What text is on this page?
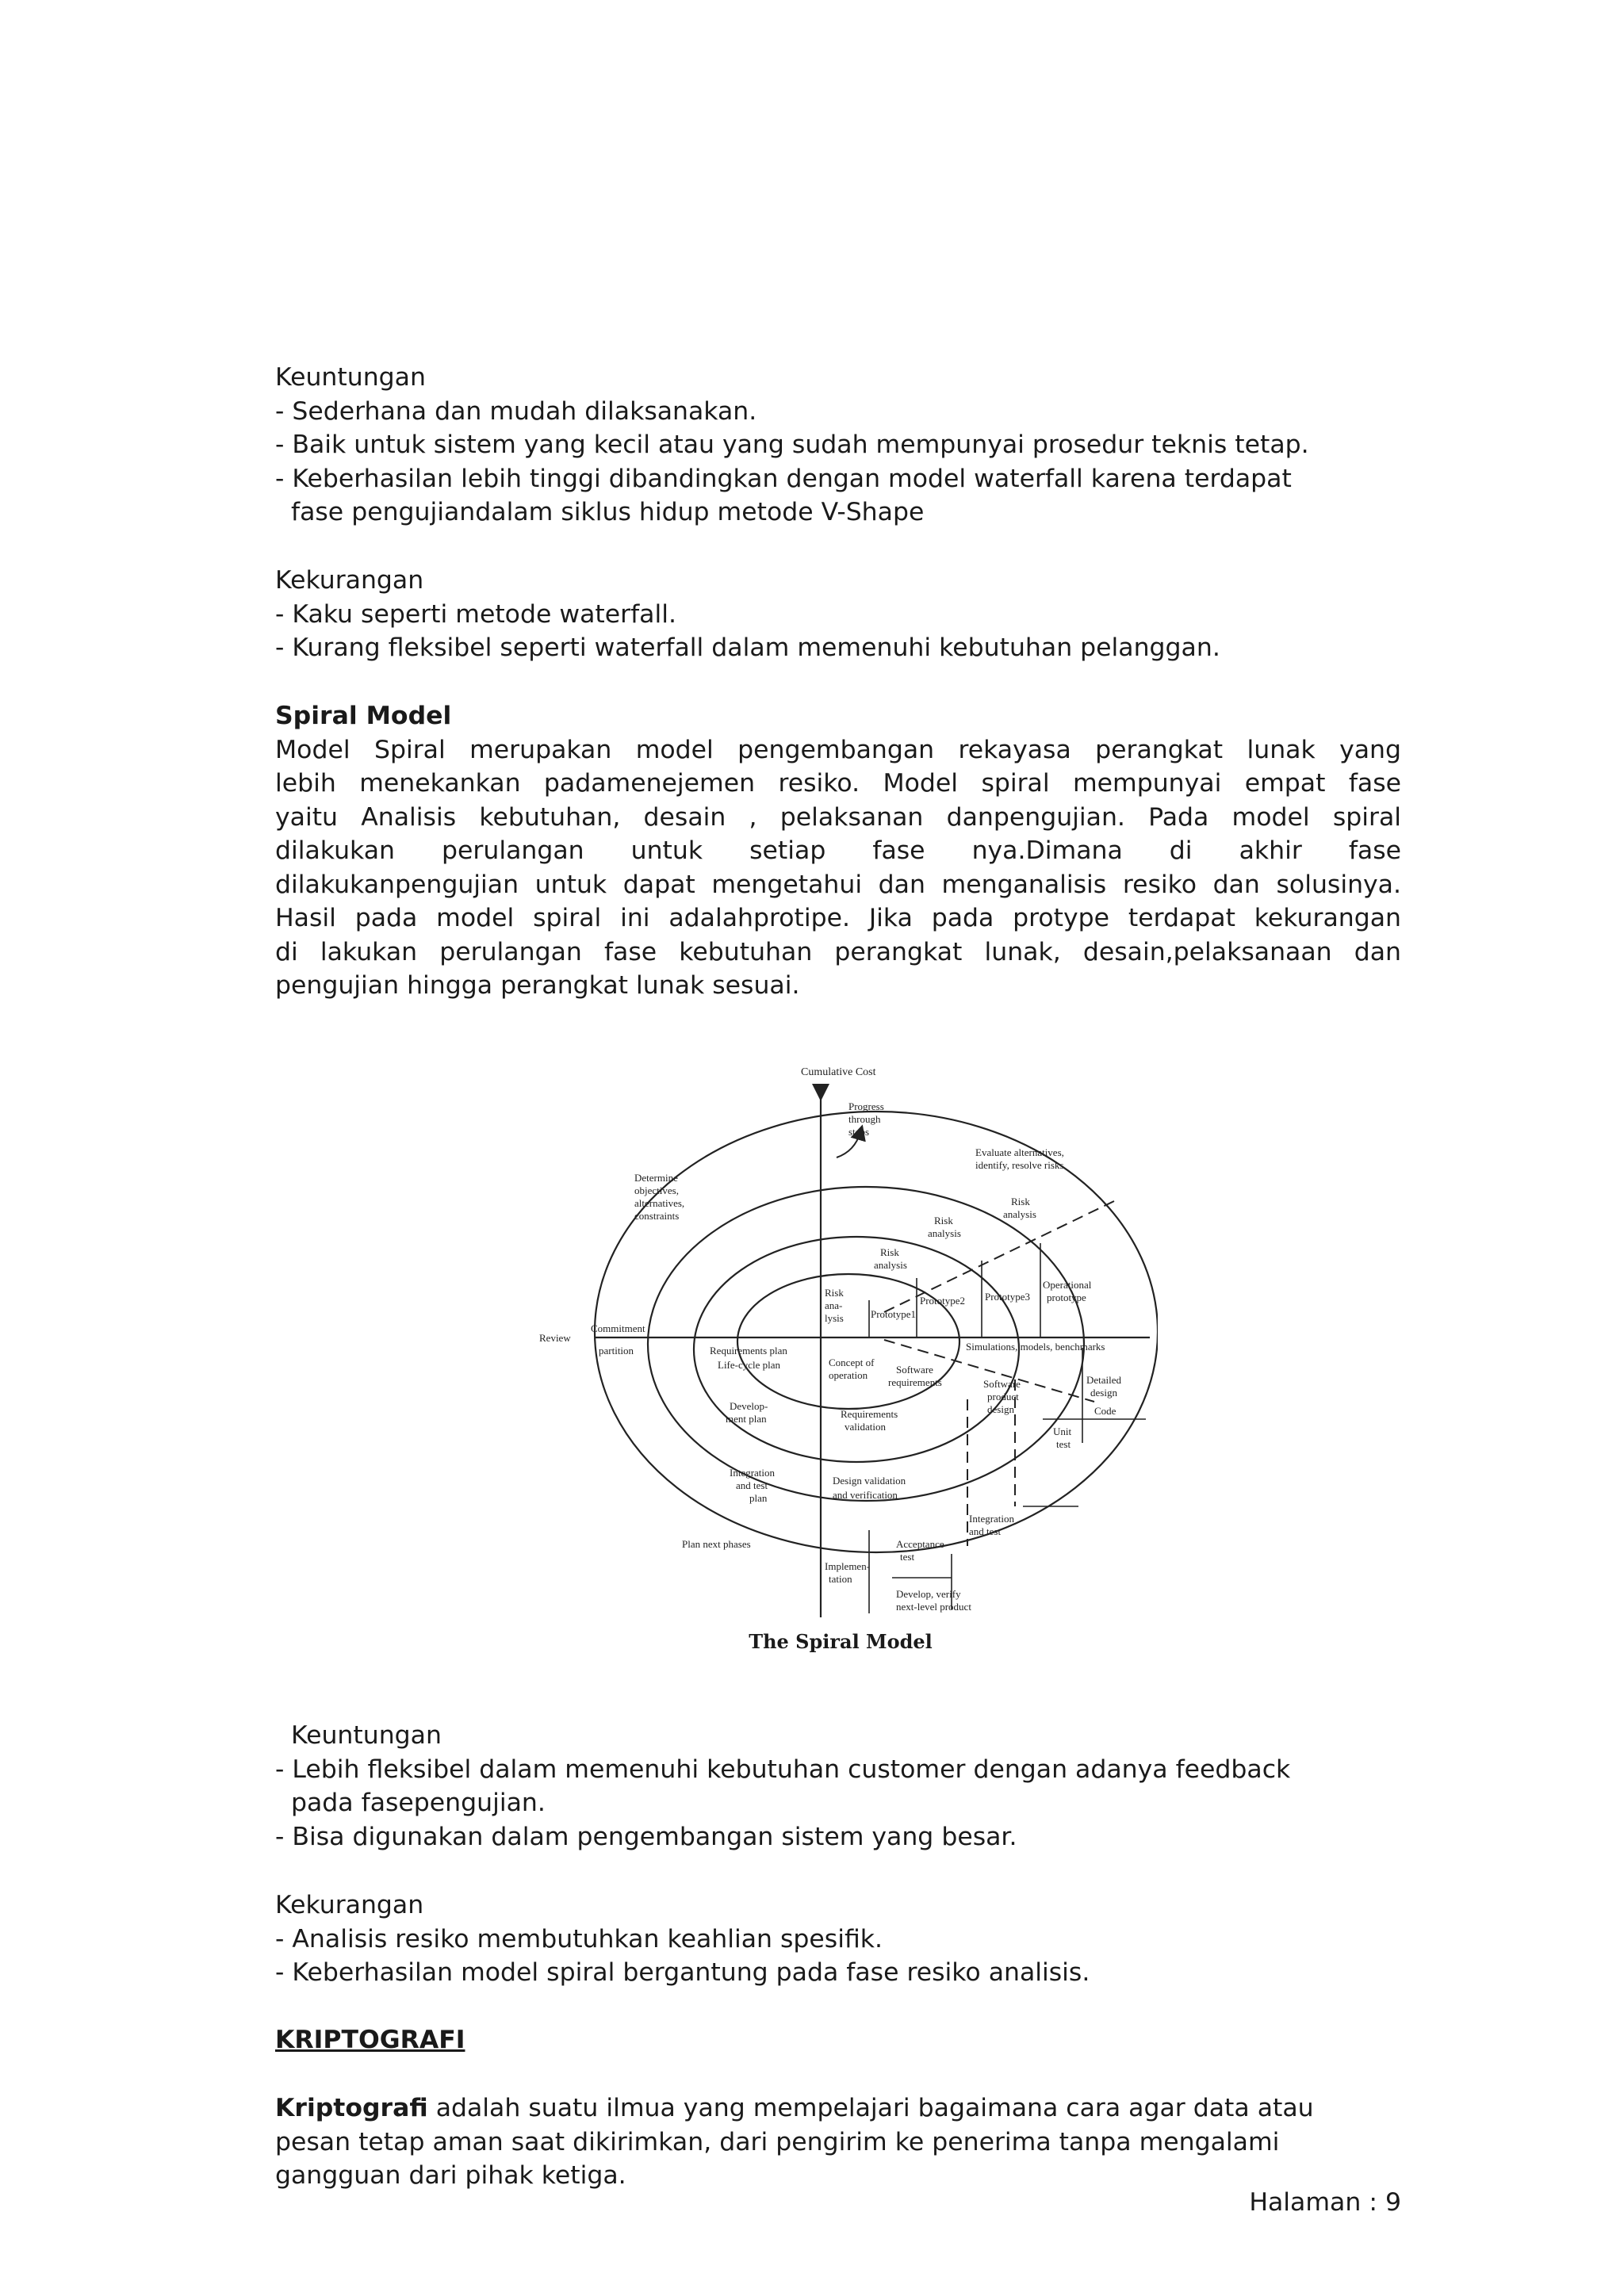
Keuntungan

- Sederhana dan mudah dilaksanakan.

- Baik untuk sistem yang kecil atau yang sudah mempunyai prosedur teknis tetap.

- Keberhasilan lebih tinggi dibandingkan dengan model waterfall karena terdapat

fase pengujiandalam siklus hidup metode V-Shape

Kekurangan

- Kaku seperti metode waterfall.

- Kurang fleksibel seperti waterfall dalam memenuhi kebutuhan pelanggan.

Spiral Model

Model Spiral merupakan model pengembangan rekayasa perangkat lunak yang

lebih menekankan padamenejemen resiko. Model spiral mempunyai empat fase

yaitu Analisis kebutuhan, desain , pelaksanan danpengujian. Pada model spiral

dilakukan perulangan untuk setiap fase nya.Dimana di akhir fase

dilakukanpengujian untuk dapat mengetahui dan menganalisis resiko dan solusinya.

Hasil pada model spiral ini adalahprotipe. Jika pada protype terdapat kekurangan

di lakukan perulangan fase kebutuhan perangkat lunak, desain,pelaksanaan dan

pengujian hingga perangkat lunak sesuai.

Cumulative Cost
Progress through steps
Evaluate alternatives, identify, resolve risks
Determine objectives, alternatives, constraints
Risk analysis
Risk analysis
Risk analysis
Risk ana- lysis	Prototype1
Prototype2 Prototype3
Operational prototype
Review
Commitment partition	Requirements plan Life-cycle plan	Concept of operation	Software requirements
Simulations, models, benchmarks
Software product design
Detailed design
Code
Develop- ment plan	Requirements validation	Unit test
Integration and test plan
Design validation and verification
Integration and test
Plan next phases
Implemen- tation
Acceptance test
Develop, verify next-level product
The Spiral Model

Keuntungan

- Lebih fleksibel dalam memenuhi kebutuhan customer dengan adanya feedback

pada fasepengujian.

- Bisa digunakan dalam pengembangan sistem yang besar.

Kekurangan

- Analisis resiko membutuhkan keahlian spesifik.

- Keberhasilan model spiral bergantung pada fase resiko analisis.

KRIPTOGRAFI

Kriptografi adalah suatu ilmua yang mempelajari bagaimana cara agar data atau

pesan tetap aman saat dikirimkan, dari pengirim ke penerima tanpa mengalami

gangguan dari pihak ketiga.

Halaman : 9
